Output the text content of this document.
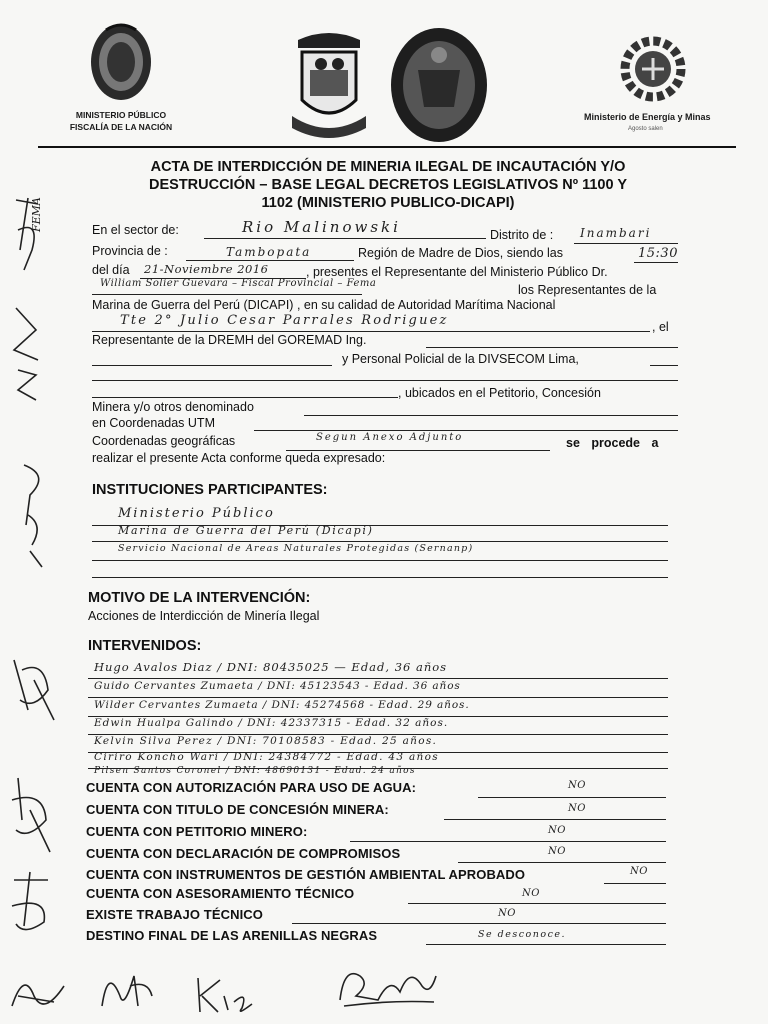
MINISTERIO PÚBLICO
FISCALÍA DE LA NACIÓN
Ministerio de Energía y Minas
Agosto salen
ACTA DE INTERDICCIÓN DE MINERIA ILEGAL DE INCAUTACIÓN Y/O
DESTRUCCIÓN – BASE LEGAL DECRETOS LEGISLATIVOS Nº 1100 Y
1102 (MINISTERIO PUBLICO-DICAPI)
FEMA	En el sector de:	Rio Malinowski	Distrito de : Inambari
Provincia de :	Tambopata	Región de Madre de Dios, siendo las	15:30
del día 21-Noviembre 2016	, presentes el Representante del Ministerio Público Dr.
William Solier Guevara – Fiscal Provincial – Fema	los Representantes de la
Marina de Guerra del Perú (DICAPI) , en su calidad de Autoridad Marítima Nacional
Tte 2° Julio Cesar Parrales Rodriguez	, el
Representante de la DREMH del GOREMAD Ing.
y Personal Policial de la DIVSECOM Lima,
, ubicados en el Petitorio, Concesión
Minera y/o otros denominado
en Coordenadas UTM
Coordenadas geográficas	Segun Anexo Adjunto	se procede a
realizar el presente Acta conforme queda expresado:
INSTITUCIONES PARTICIPANTES:
Ministerio Público
Marina de Guerra del Perú (Dicapi)
Servicio Nacional de Areas Naturales Protegidas (Sernanp)
MOTIVO DE LA INTERVENCIÓN:
Acciones de Interdicción de Minería Ilegal
INTERVENIDOS:
Hugo Avalos Diaz / DNI: 80435025 — Edad, 36 años
Guido Cervantes Zumaeta / DNI: 45123543 - Edad. 36 años
Wilder Cervantes Zumaeta / DNI: 45274568 - Edad. 29 años.
Edwin Hualpa Galindo / DNI: 42337315 - Edad. 32 años.
Kelvin Silva Perez / DNI: 70108583 - Edad. 25 años.
Ciriro Koncho Wari / DNI: 24384772 - Edad. 43 años
Pilsen Santos Coronel / DNI: 48690131 - Edad. 24 años
CUENTA CON AUTORIZACIÓN PARA USO DE AGUA:	NO
CUENTA CON TITULO DE CONCESIÓN MINERA:	NO
CUENTA CON PETITORIO MINERO:	NO
CUENTA CON DECLARACIÓN DE COMPROMISOS	NO
CUENTA CON INSTRUMENTOS DE GESTIÓN AMBIENTAL APROBADO	NO
CUENTA CON ASESORAMIENTO TÉCNICO	NO
EXISTE TRABAJO TÉCNICO	NO
DESTINO FINAL DE LAS ARENILLAS NEGRAS	Se desconoce.
